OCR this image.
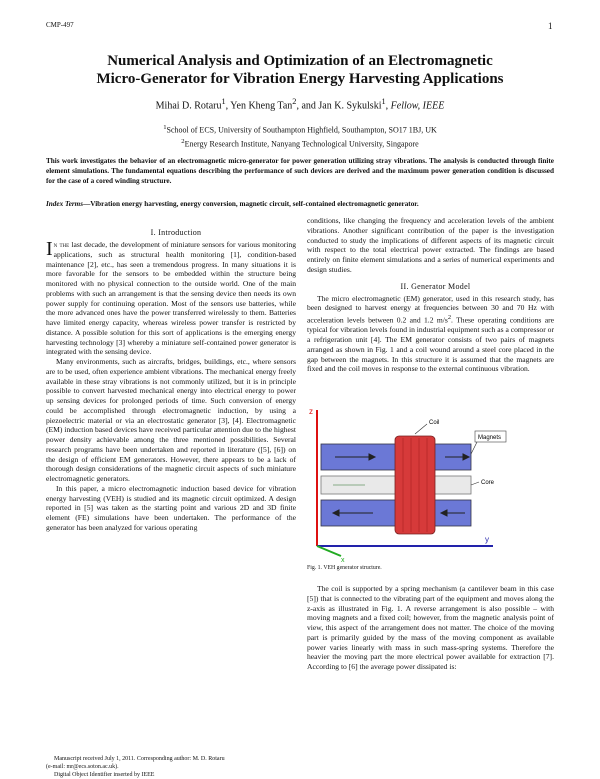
CMP-497	1
Numerical Analysis and Optimization of an Electromagnetic
Micro-Generator for Vibration Energy Harvesting Applications
Mihai D. Rotaru$^1$, Yen Kheng Tan$^2$, and Jan K. Sykulski$^1$, Fellow, IEEE
$^1$School of ECS, University of Southampton Highfield, Southampton, SO17 1BJ, UK
$^2$Energy Research Institute, Nanyang Technological University, Singapore
This work investigates the behavior of an electromagnetic micro-generator for power generation utilizing stray vibrations. The analysis is conducted through finite element simulations. The fundamental equations describing the performance of such devices are derived and the maximum power generation condition is discussed for the case of a cored winding structure.
Index Terms—Vibration energy harvesting, energy conversion, magnetic circuit, self-contained electromagnetic generator.

I. Introduction

In the last decade, the development of miniature sensors for various monitoring applications, such as structural health monitoring [1], condition-based maintenance [2], etc., has seen a tremendous progress. In many situations it is more favorable for the sensors to be embedded within the structure being monitored with no physical connection to the outside world. One of the main problems with such an arrangement is that the sensing device then needs its own power supply for continuing operation. Most of the sensors use batteries, while the more advanced ones have the power transferred wirelessly to them. Batteries have limited energy capacity, whereas wireless power transfer is restricted by distance. A possible solution for this sort of applications is the emerging energy harvesting technology [3] whereby a miniature self-contained power generator is integrated with the sensing device.

Many environments, such as aircrafts, bridges, buildings, etc., where sensors are to be used, often experience ambient vibrations. The mechanical energy freely available in these stray vibrations is not commonly utilized, but it is in principle possible to convert harvested mechanical energy into electrical energy to power up sensing devices for prolonged periods of time. Such conversion of energy could be accomplished through electromagnetic induction, by using a piezoelectric material or via an electrostatic generator [3], [4]. Electromagnetic (EM) induction based devices have received particular attention due to the highest power density achievable among the three mentioned possibilities. Several research programs have been undertaken and reported in literature ([5], [6]) on the design of efficient EM generators. However, there appears to be a lack of thorough design considerations of the magnetic circuit aspects of such miniature electromagnetic generators.

In this paper, a micro electromagnetic induction based device for vibration energy harvesting (VEH) is studied and its magnetic circuit optimized. A design reported in [5] was taken as the starting point and various 2D and 3D finite element (FE) simulations have been undertaken. The performance of the generator has been analyzed for various operating

conditions, like changing the frequency and acceleration levels of the ambient vibrations. Another significant contribution of the paper is the investigation conducted to study the implications of different aspects of its magnetic circuit with respect to the total electrical power extracted. The findings are based entirely on finite element simulations and a series of numerical experiments and design studies.

II. Generator Model

The micro electromagnetic (EM) generator, used in this research study, has been designed to harvest energy at frequencies between 30 and 70 Hz with acceleration levels between 0.2 and 1.2 $m/s^2$. These operating conditions are typical for vibration levels found in industrial equipment such as a compressor or a refrigeration unit [4]. The EM generator consists of two pairs of magnets arranged as shown in Fig. 1 and a coil wound around a steel core placed in the gap between the magnets. In this structure it is assumed that the magnets are fixed and the coil moves in response to the external continuous vibration.

z
y
x
Coil
Magnets
Core
Fig. 1. VEH generator structure.

The coil is supported by a spring mechanism (a cantilever beam in this case [5]) that is connected to the vibrating part of the equipment and moves along the z-axis as illustrated in Fig. 1. A reverse arrangement is also possible – with moving magnets and a fixed coil; however, from the magnetic analysis point of view, this aspect of the arrangement does not matter. The choice of the moving part is primarily guided by the mass of the moving component as available power varies linearly with mass in such mass-spring systems. Therefore the heavier the moving part the more electrical power available for extraction [7]. According to [6] the average power dissipated is:

Manuscript received July 1, 2011. Corresponding author: M. D. Rotaru

(e-mail: mr@ecs.soton.ac.uk).

Digital Object Identifier inserted by IEEE
